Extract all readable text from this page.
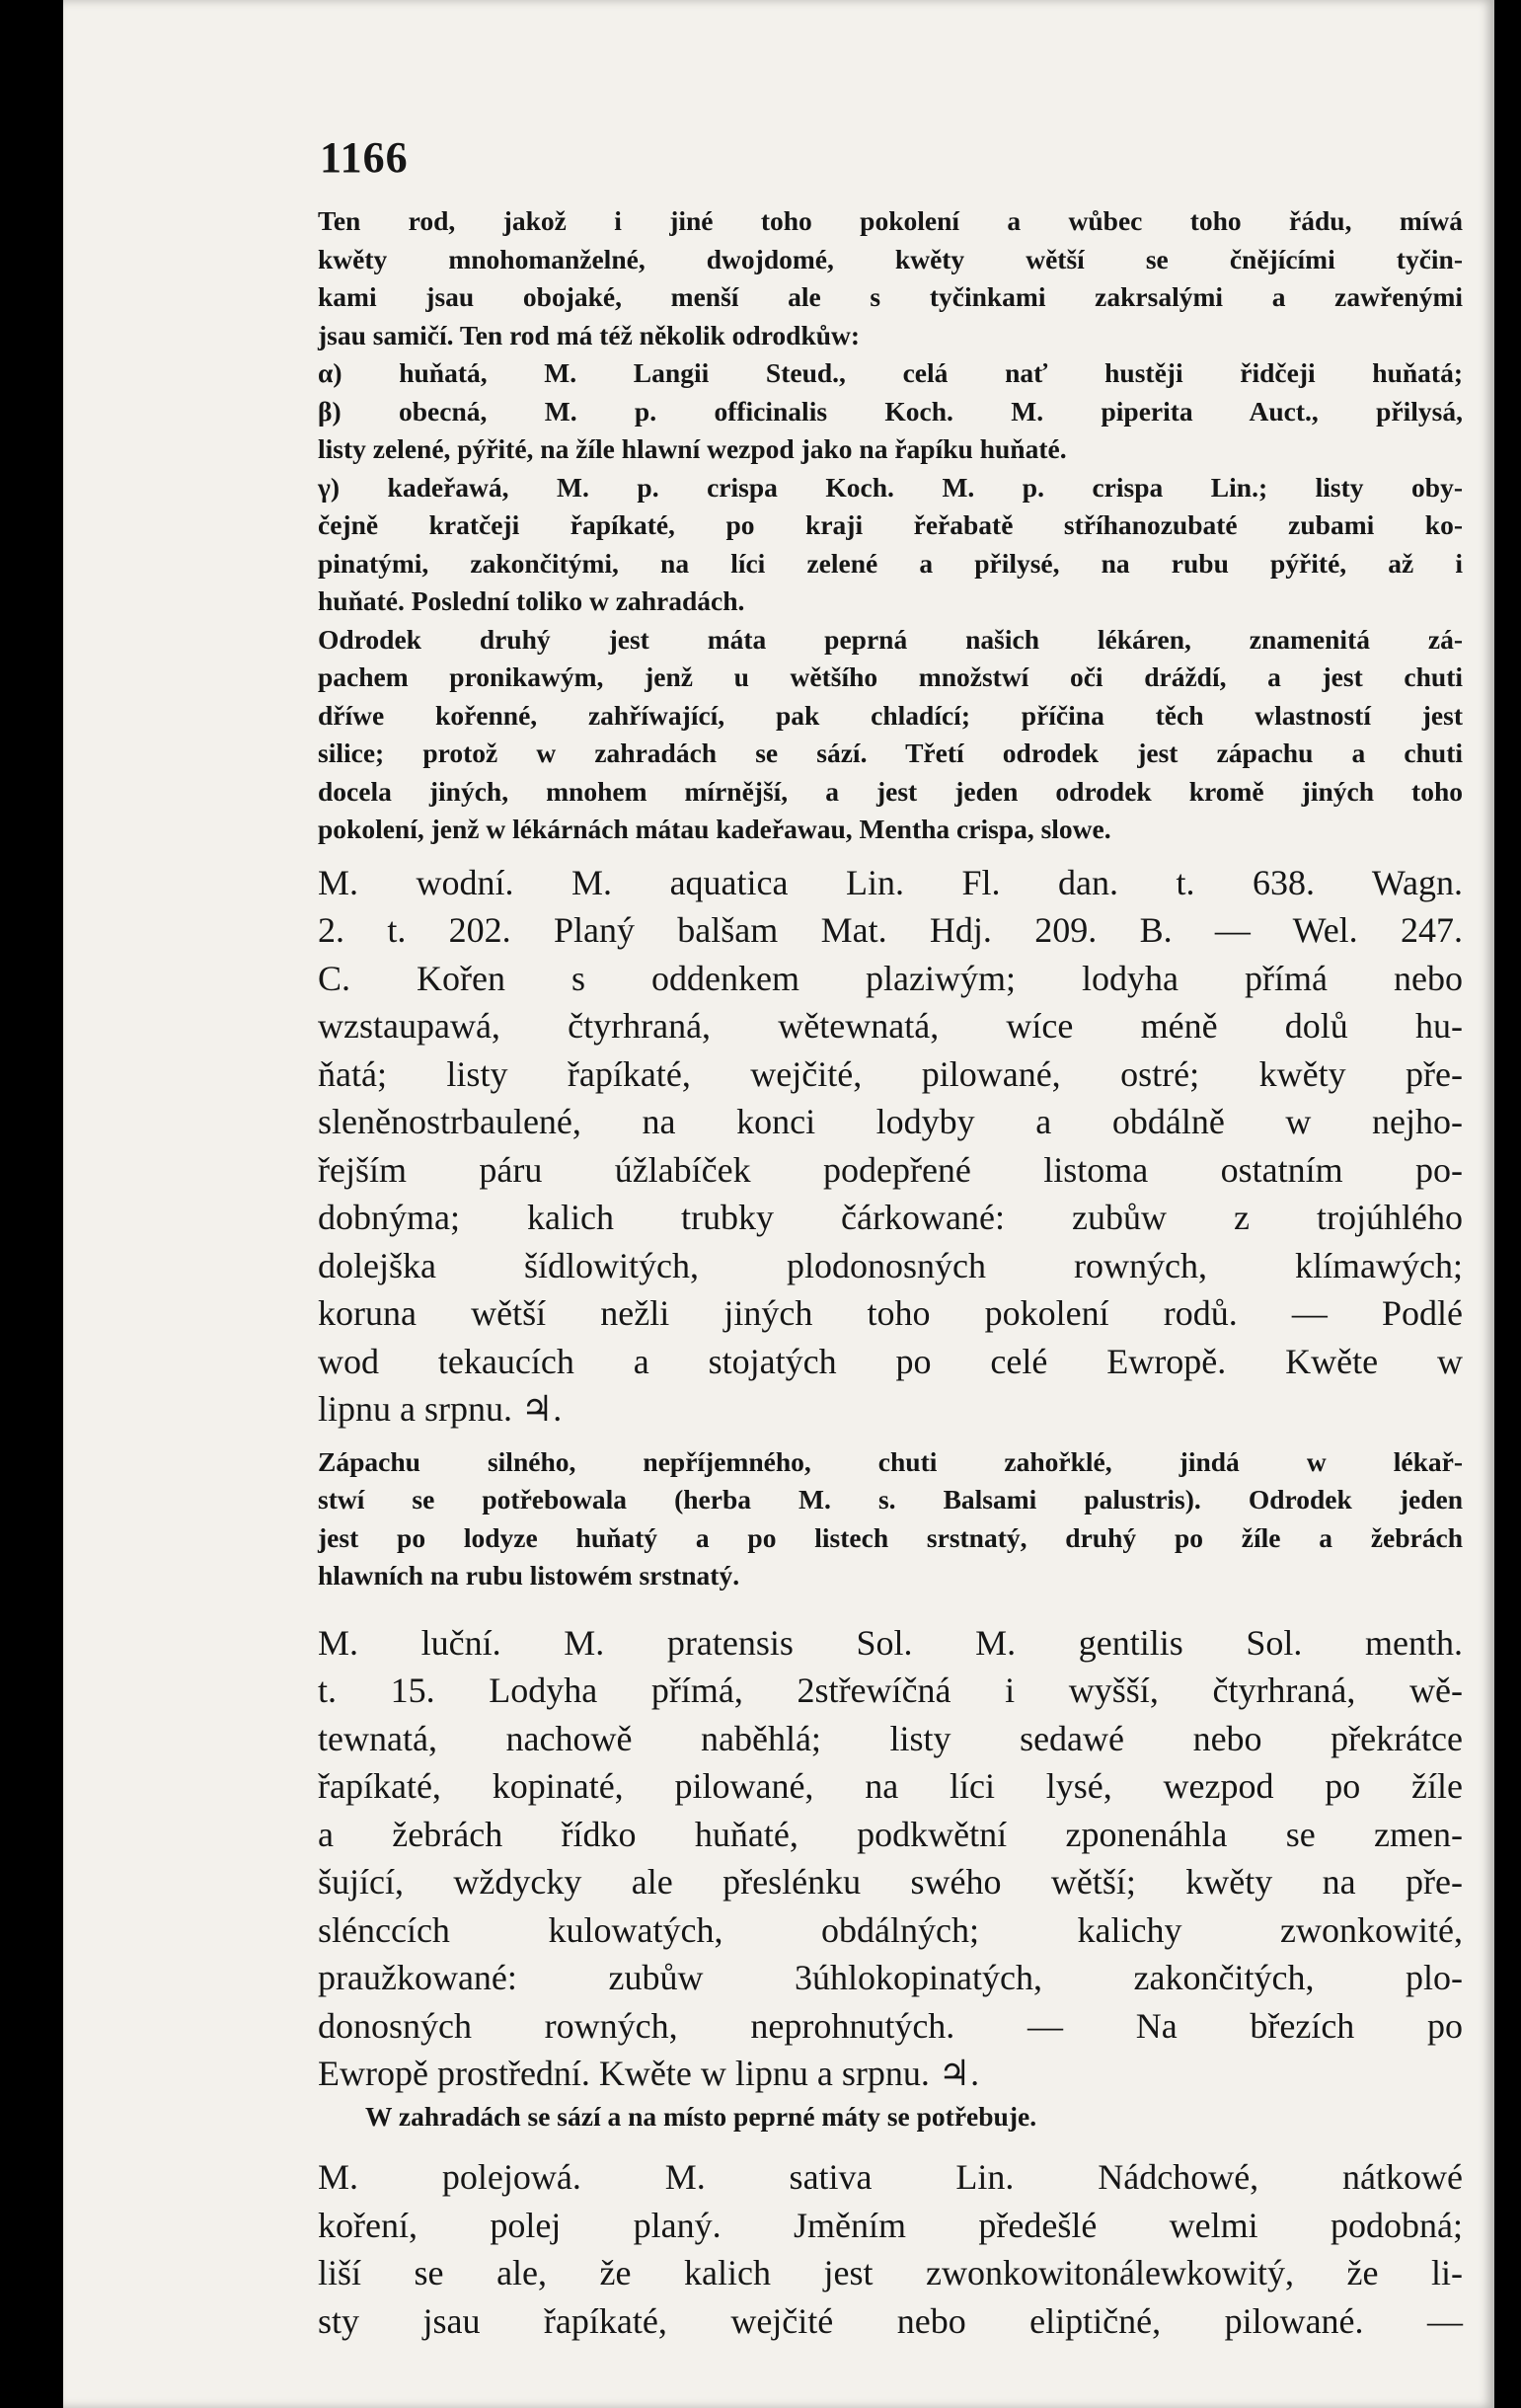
1166

Ten rod, jakož i jiné toho pokolení a wůbec toho řádu, míwá

kwěty mnohomanželné, dwojdomé, kwěty wětší se čnějícími tyčin-

kami jsau obojaké, menší ale s tyčinkami zakrsalými a zawřenými

jsau samičí. Ten rod má též několik odrodkůw:

α) huňatá, M. Langii Steud., celá nať hustěji řidčeji huňatá;

β) obecná, M. p. officinalis Koch. M. piperita Auct., přilysá,

listy zelené, pýřité, na žíle hlawní wezpod jako na řapíku huňaté.

γ) kadeřawá, M. p. crispa Koch. M. p. crispa Lin.; listy oby-

čejně kratčeji řapíkaté, po kraji řeřabatě stříhanozubaté zubami ko-

pinatými, zakončitými, na líci zelené a přilysé, na rubu pýřité, až i

huňaté. Poslední toliko w zahradách.

Odrodek druhý jest máta peprná našich lékáren, znamenitá zá-

pachem pronikawým, jenž u wětšího množstwí oči dráždí, a jest chuti

dříwe kořenné, zahříwající, pak chladící; příčina těch wlastností jest

silice; protož w zahradách se sází. Třetí odrodek jest zápachu a chuti

docela jiných, mnohem mírnější, a jest jeden odrodek kromě jiných toho

pokolení, jenž w lékárnách mátau kadeřawau, Mentha crispa, slowe.

M. wodní. M. aquatica Lin. Fl. dan. t. 638. Wagn.
2. t. 202. Planý balšam Mat. Hdj. 209. B. — Wel. 247.
C. Kořen s oddenkem plaziwým; lodyha přímá nebo
wzstaupawá, čtyrhraná, wětewnatá, wíce méně dolů hu-
ňatá; listy řapíkaté, wejčité, pilowané, ostré; kwěty pře-
sleněnostrbaulené, na konci lodyby a obdálně w nejho-
řejším páru úžlabíček podepřené listoma ostatním po-
dobnýma; kalich trubky čárkowané: zubůw z trojúhlého
dolejška šídlowitých, plodonosných rowných, klímawých;
koruna wětší nežli jiných toho pokolení rodů. — Podlé
wod tekaucích a stojatých po celé Ewropě. Kwěte w
lipnu a srpnu. ♃.

Zápachu silného, nepříjemného, chuti zahořklé, jindá w lékař-

stwí se potřebowala (herba M. s. Balsami palustris). Odrodek jeden

jest po lodyze huňatý a po listech srstnatý, druhý po žíle a žebrách

hlawních na rubu listowém srstnatý.

M. luční. M. pratensis Sol. M. gentilis Sol. menth.
t. 15. Lodyha přímá, 2střewíčná i wyšší, čtyrhraná, wě-
tewnatá, nachowě naběhlá; listy sedawé nebo překrátce
řapíkaté, kopinaté, pilowané, na líci lysé, wezpod po žíle
a žebrách řídko huňaté, podkwětní zponenáhla se zmen-
šující, wždycky ale přeslénku swého wětší; kwěty na pře-
slénccích kulowatých, obdálných; kalichy zwonkowité,
praužkowané: zubůw 3úhlokopinatých, zakončitých, plo-
donosných rowných, neprohnutých. — Na březích po
Ewropě prostřední. Kwěte w lipnu a srpnu. ♃.

W zahradách se sází a na místo peprné máty se potřebuje.

M. polejowá. M. sativa Lin. Nádchowé, nátkowé
koření, polej planý. Jměním předešlé welmi podobná;
liší se ale, že kalich jest zwonkowitonálewkowitý, že li-
sty jsau řapíkaté, wejčité nebo eliptičné, pilowané. —
